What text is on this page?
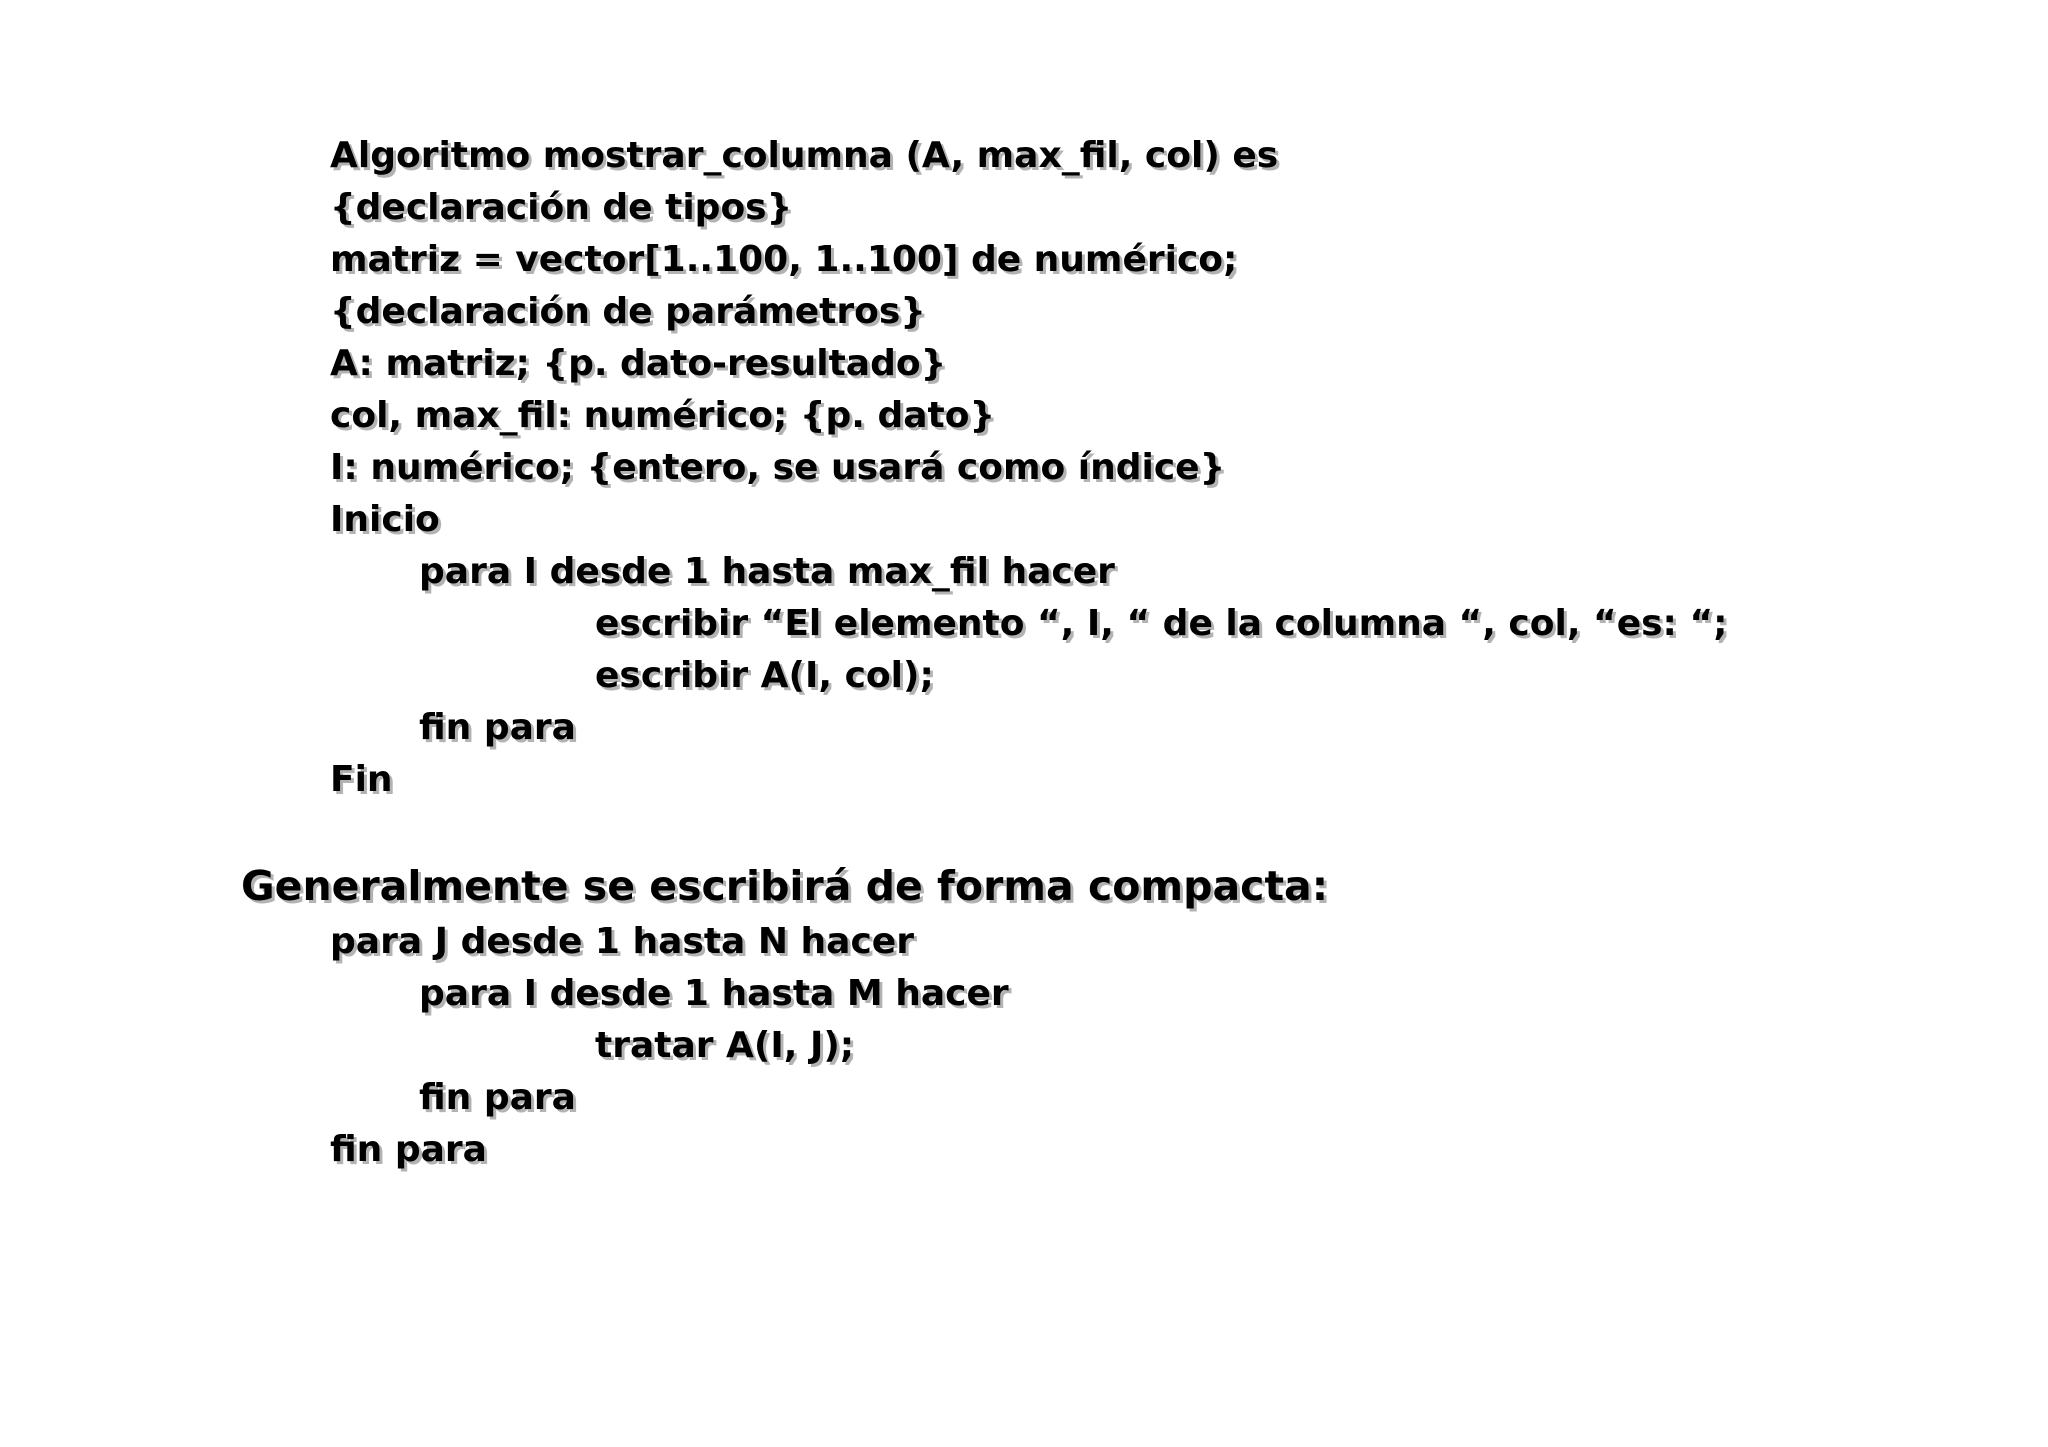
Algoritmo mostrar_columna (A, max_fil, col) es
{declaración de tipos}
matriz = vector[1..100, 1..100] de numérico;
{declaración de parámetros}
A: matriz; {p. dato-resultado}
col, max_fil: numérico; {p. dato}
I: numérico; {entero, se usará como índice}
Inicio
para I desde 1 hasta max_fil hacer
escribir “El elemento “, I, “ de la columna “, col, “es: “;
escribir A(I, col);
fin para
Fin
Generalmente se escribirá de forma compacta:
para J desde 1 hasta N hacer
para I desde 1 hasta M hacer
tratar A(I, J);
fin para
fin para
